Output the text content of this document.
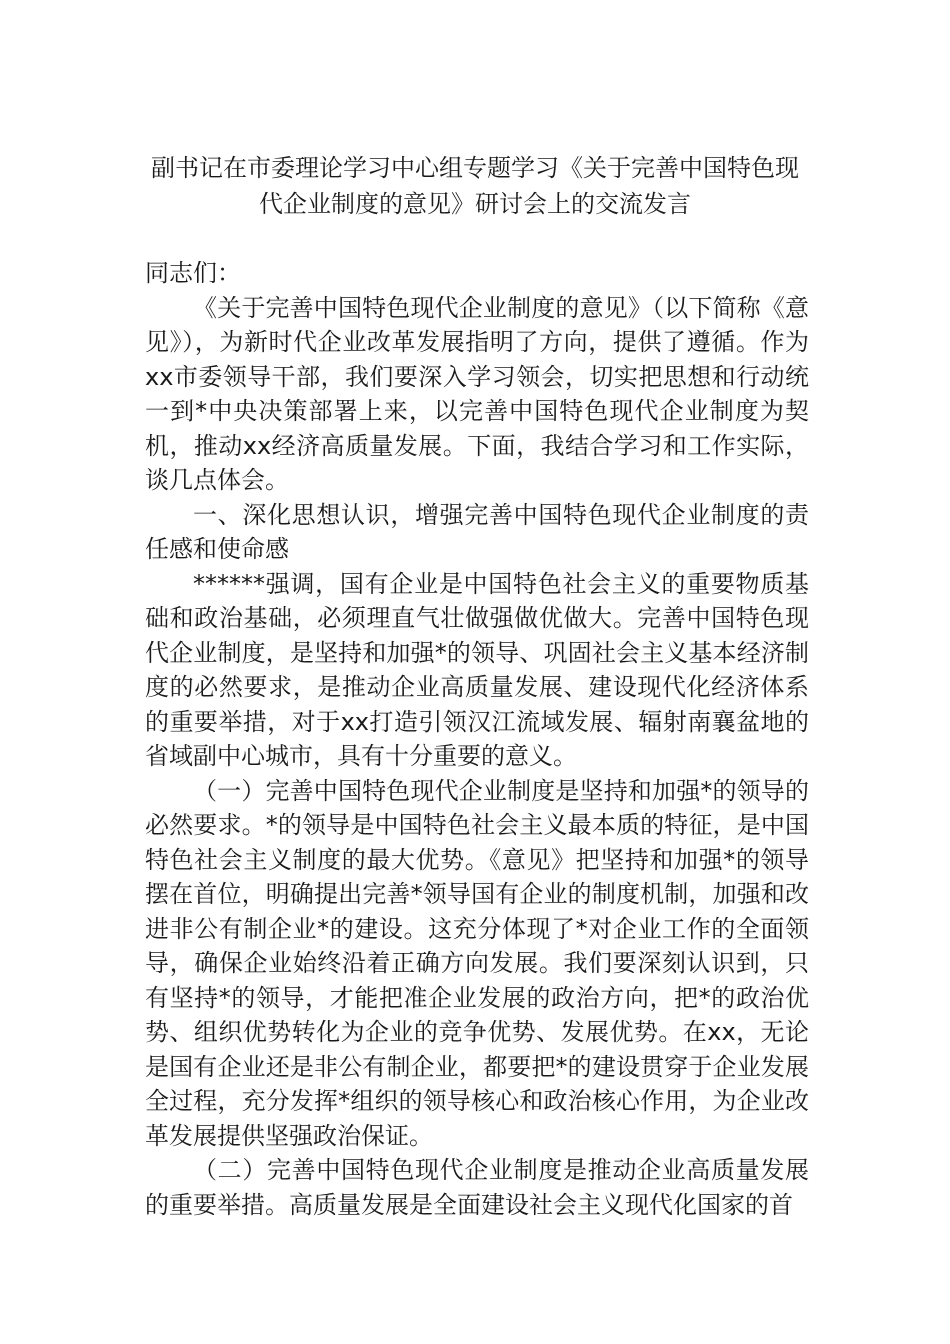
副书记在市委理论学习中心组专题学习《关于完善中国特色现
代企业制度的意见》研讨会上的交流发言

同志们：

《关于完善中国特色现代企业制度的意见》（以下简称《意见》），为新时代企业改革发展指明了方向，提供了遵循。作为xx市委领导干部，我们要深入学习领会，切实把思想和行动统一到*中央决策部署上来，以完善中国特色现代企业制度为契机，推动xx经济高质量发展。下面，我结合学习和工作实际，谈几点体会。

一、深化思想认识，增强完善中国特色现代企业制度的责任感和使命感

******强调，国有企业是中国特色社会主义的重要物质基础和政治基础，必须理直气壮做强做优做大。完善中国特色现代企业制度，是坚持和加强*的领导、巩固社会主义基本经济制度的必然要求，是推动企业高质量发展、建设现代化经济体系的重要举措，对于xx打造引领汉江流域发展、辐射南襄盆地的省域副中心城市，具有十分重要的意义。

（一）完善中国特色现代企业制度是坚持和加强*的领导的必然要求。*的领导是中国特色社会主义最本质的特征，是中国特色社会主义制度的最大优势。《意见》把坚持和加强*的领导摆在首位，明确提出完善*领导国有企业的制度机制，加强和改进非公有制企业*的建设。这充分体现了*对企业工作的全面领导，确保企业始终沿着正确方向发展。我们要深刻认识到，只有坚持*的领导，才能把准企业发展的政治方向，把*的政治优势、组织优势转化为企业的竞争优势、发展优势。在xx，无论是国有企业还是非公有制企业，都要把*的建设贯穿于企业发展全过程，充分发挥*组织的领导核心和政治核心作用，为企业改革发展提供坚强政治保证。

（二）完善中国特色现代企业制度是推动企业高质量发展的重要举措。高质量发展是全面建设社会主义现代化国家的首
